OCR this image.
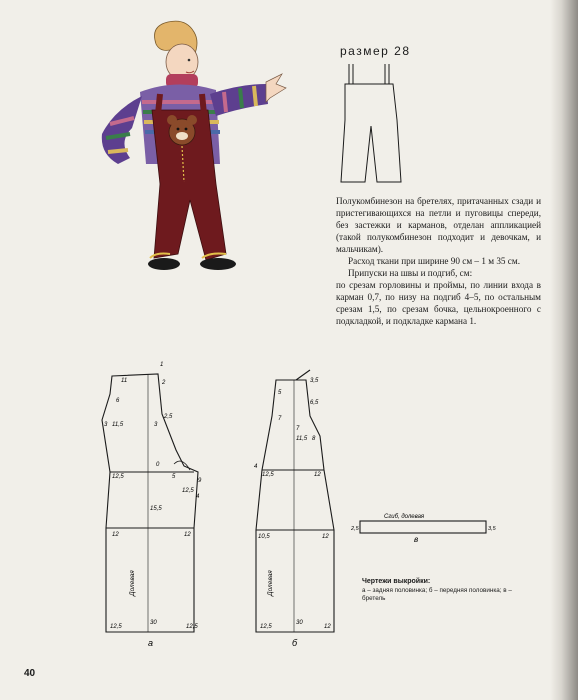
размер 28

Полукомбинезон на бретелях, притачанных сзади и пристегивающихся на петли и пуговицы спереди, без застежки и карманов, отделан аппликацией (такой полукомбинезон подходит и девочкам, и мальчикам).

Расход ткани при ширине 90 см – 1 м 35 см.

Припуски на швы и подгиб, см:

по срезам горловины и проймы, по линии входа в карман 0,7, по низу на подгиб 4–5, по остальным срезам 1,5, по срезам бочка, цельнокроенного с подкладкой, и подкладке кармана 1.

11
1
2
6
2,5
3 11,5	3
0
5
9
12,5
4
12,5
15,5
12	12
30
12,5	12,5
Долевая
а
3,5
6,5
5
7
7
11,5 8
12
12,5
4
10,5	12
30
12,5	12
Долевая
б
Сгиб, долевая
2,5	3,5
в
Чертежи выкройки:
а – задняя половинка; б – передняя половинка; в – бретель
40
